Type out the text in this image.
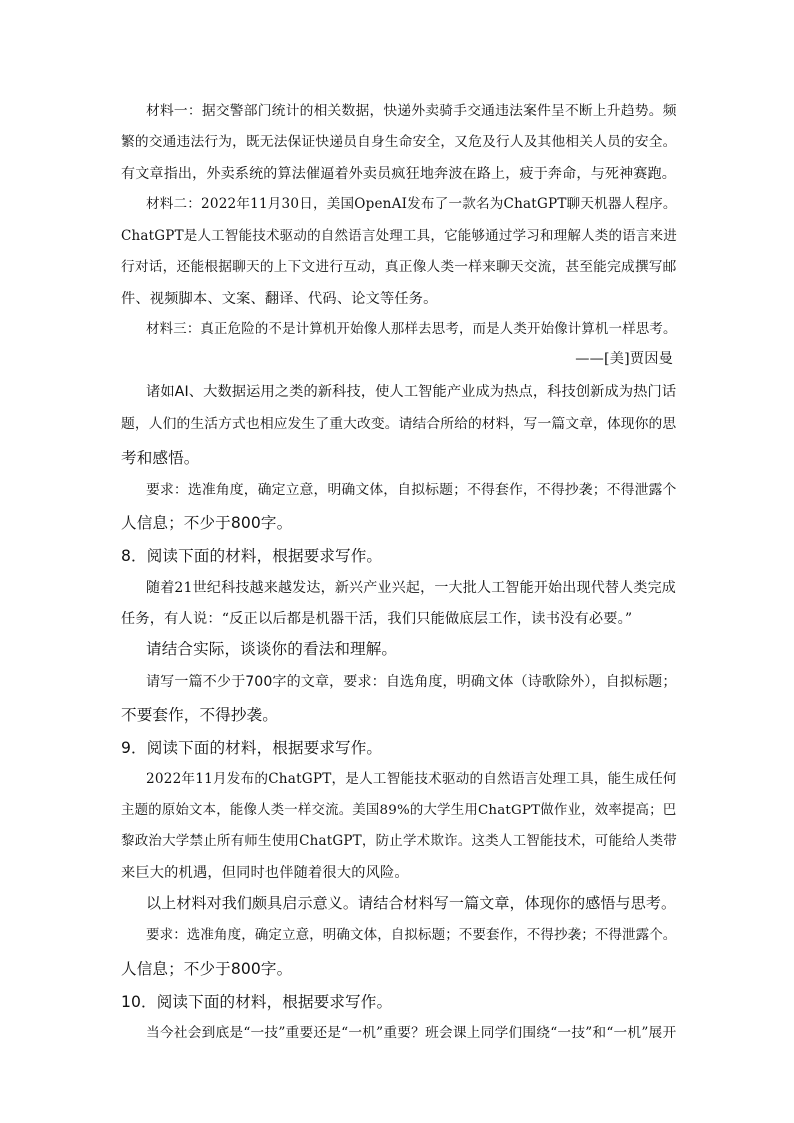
材料一：据交警部门统计的相关数据，快递外卖骑手交通违法案件呈不断上升趋势。频
繁的交通违法行为，既无法保证快递员自身生命安全，又危及行人及其他相关人员的安全。
有文章指出，外卖系统的算法催逼着外卖员疯狂地奔波在路上，疲于奔命，与死神赛跑。
材料二：2022年11月30日，美国OpenAI发布了一款名为ChatGPT聊天机器人程序。
ChatGPT是人工智能技术驱动的自然语言处理工具，它能够通过学习和理解人类的语言来进
行对话，还能根据聊天的上下文进行互动，真正像人类一样来聊天交流，甚至能完成撰写邮
件、视频脚本、文案、翻译、代码、论文等任务。
材料三：真正危险的不是计算机开始像人那样去思考，而是人类开始像计算机一样思考。
——[美]贾因曼
诸如AI、大数据运用之类的新科技，使人工智能产业成为热点，科技创新成为热门话
题，人们的生活方式也相应发生了重大改变。请结合所给的材料，写一篇文章，体现你的思
考和感悟。
要求：选准角度，确定立意，明确文体，自拟标题；不得套作，不得抄袭；不得泄露个
人信息；不少于800字。
8．阅读下面的材料，根据要求写作。
随着21世纪科技越来越发达，新兴产业兴起，一大批人工智能开始出现代替人类完成
任务，有人说：“反正以后都是机器干活，我们只能做底层工作，读书没有必要。”
请结合实际，谈谈你的看法和理解。
请写一篇不少于700字的文章，要求：自选角度，明确文体（诗歌除外），自拟标题；
不要套作，不得抄袭。
9．阅读下面的材料，根据要求写作。
2022年11月发布的ChatGPT，是人工智能技术驱动的自然语言处理工具，能生成任何
主题的原始文本，能像人类一样交流。美国89%的大学生用ChatGPT做作业，效率提高；巴
黎政治大学禁止所有师生使用ChatGPT，防止学术欺诈。这类人工智能技术，可能给人类带
来巨大的机遇，但同时也伴随着很大的风险。
以上材料对我们颇具启示意义。请结合材料写一篇文章，体现你的感悟与思考。
要求：选准角度，确定立意，明确文体，自拟标题；不要套作，不得抄袭；不得泄露个。
人信息；不少于800字。
10．阅读下面的材料，根据要求写作。
当今社会到底是“一技”重要还是“一机”重要？班会课上同学们围绕“一技”和“一机”展开
